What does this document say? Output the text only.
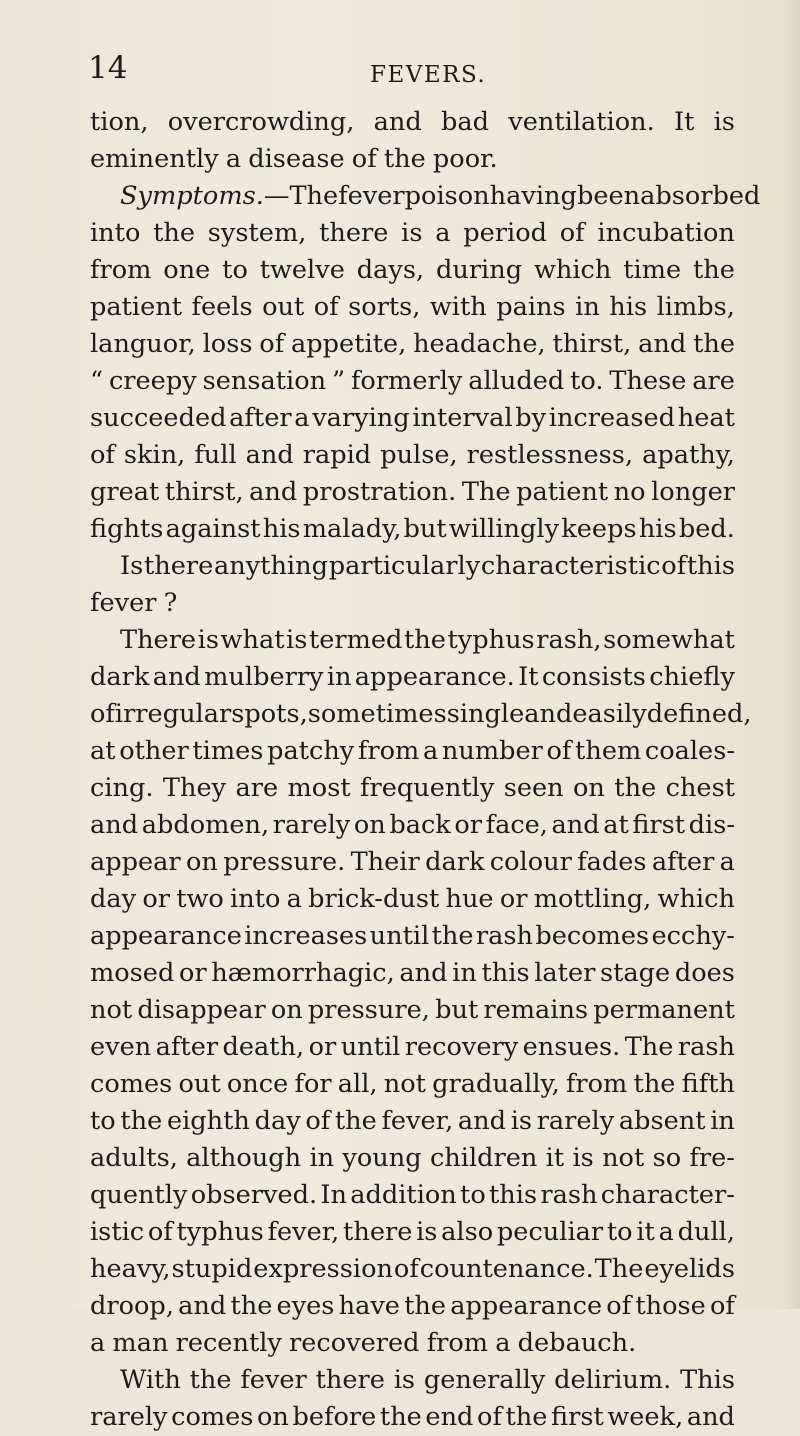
14	FEVERS.
tion, overcrowding, and bad ventilation. It is
eminently a disease of the poor.
Symptoms.—The fever poison having been absorbed
into the system, there is a period of incubation
from one to twelve days, during which time the
patient feels out of sorts, with pains in his limbs,
languor, loss of appetite, headache, thirst, and the
“ creepy sensation ” formerly alluded to. These are
succeeded after a varying interval by increased heat
of skin, full and rapid pulse, restlessness, apathy,
great thirst, and prostration. The patient no longer
fights against his malady, but willingly keeps his bed.
Is there anything particularly characteristic of this
fever ?
There is what is termed the typhus rash, somewhat
dark and mulberry in appearance. It consists chiefly
of irregular spots, sometimes single and easily defined,
at other times patchy from a number of them coales-
cing. They are most frequently seen on the chest
and abdomen, rarely on back or face, and at first dis-
appear on pressure. Their dark colour fades after a
day or two into a brick-dust hue or mottling, which
appearance increases until the rash becomes ecchy-
mosed or hæmorrhagic, and in this later stage does
not disappear on pressure, but remains permanent
even after death, or until recovery ensues. The rash
comes out once for all, not gradually, from the fifth
to the eighth day of the fever, and is rarely absent in
adults, although in young children it is not so fre-
quently observed. In addition to this rash character-
istic of typhus fever, there is also peculiar to it a dull,
heavy, stupid expression of countenance. The eyelids
droop, and the eyes have the appearance of those of
a man recently recovered from a debauch.
With the fever there is generally delirium. This
rarely comes on before the end of the first week, and
